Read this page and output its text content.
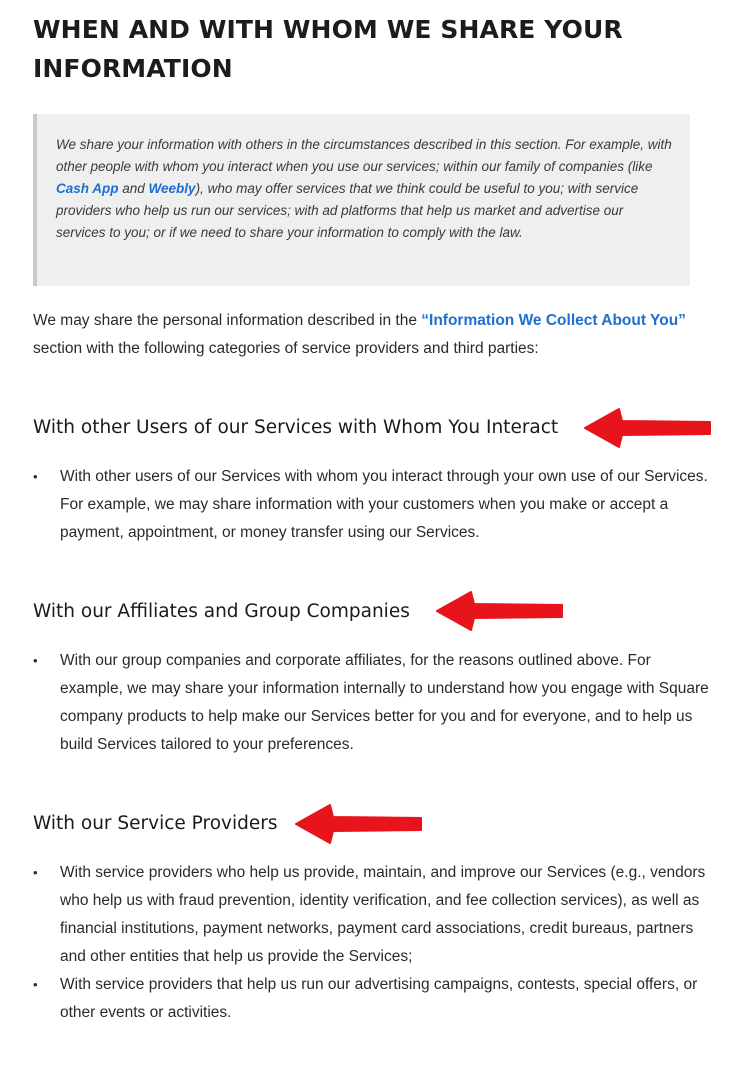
WHEN AND WITH WHOM WE SHARE YOUR INFORMATION

We share your information with others in the circumstances described in this section. For example, with other people with whom you interact when you use our services; within our family of companies (like Cash App and Weebly), who may offer services that we think could be useful to you; with service providers who help us run our services; with ad platforms that help us market and advertise our services to you; or if we need to share your information to comply with the law.

We may share the personal information described in the “Information We Collect About You” section with the following categories of service providers and third parties:

With other Users of our Services with Whom You Interact
• With other users of our Services with whom you interact through your own use of our Services. For example, we may share information with your customers when you make or accept a payment, appointment, or money transfer using our Services.
With our Affiliates and Group Companies
• With our group companies and corporate affiliates, for the reasons outlined above. For example, we may share your information internally to understand how you engage with Square company products to help make our Services better for you and for everyone, and to help us build Services tailored to your preferences.
With our Service Providers
• With service providers who help us provide, maintain, and improve our Services (e.g., vendors who help us with fraud prevention, identity verification, and fee collection services), as well as financial institutions, payment networks, payment card associations, credit bureaus, partners and other entities that help us provide the Services;
• With service providers that help us run our advertising campaigns, contests, special offers, or other events or activities.
